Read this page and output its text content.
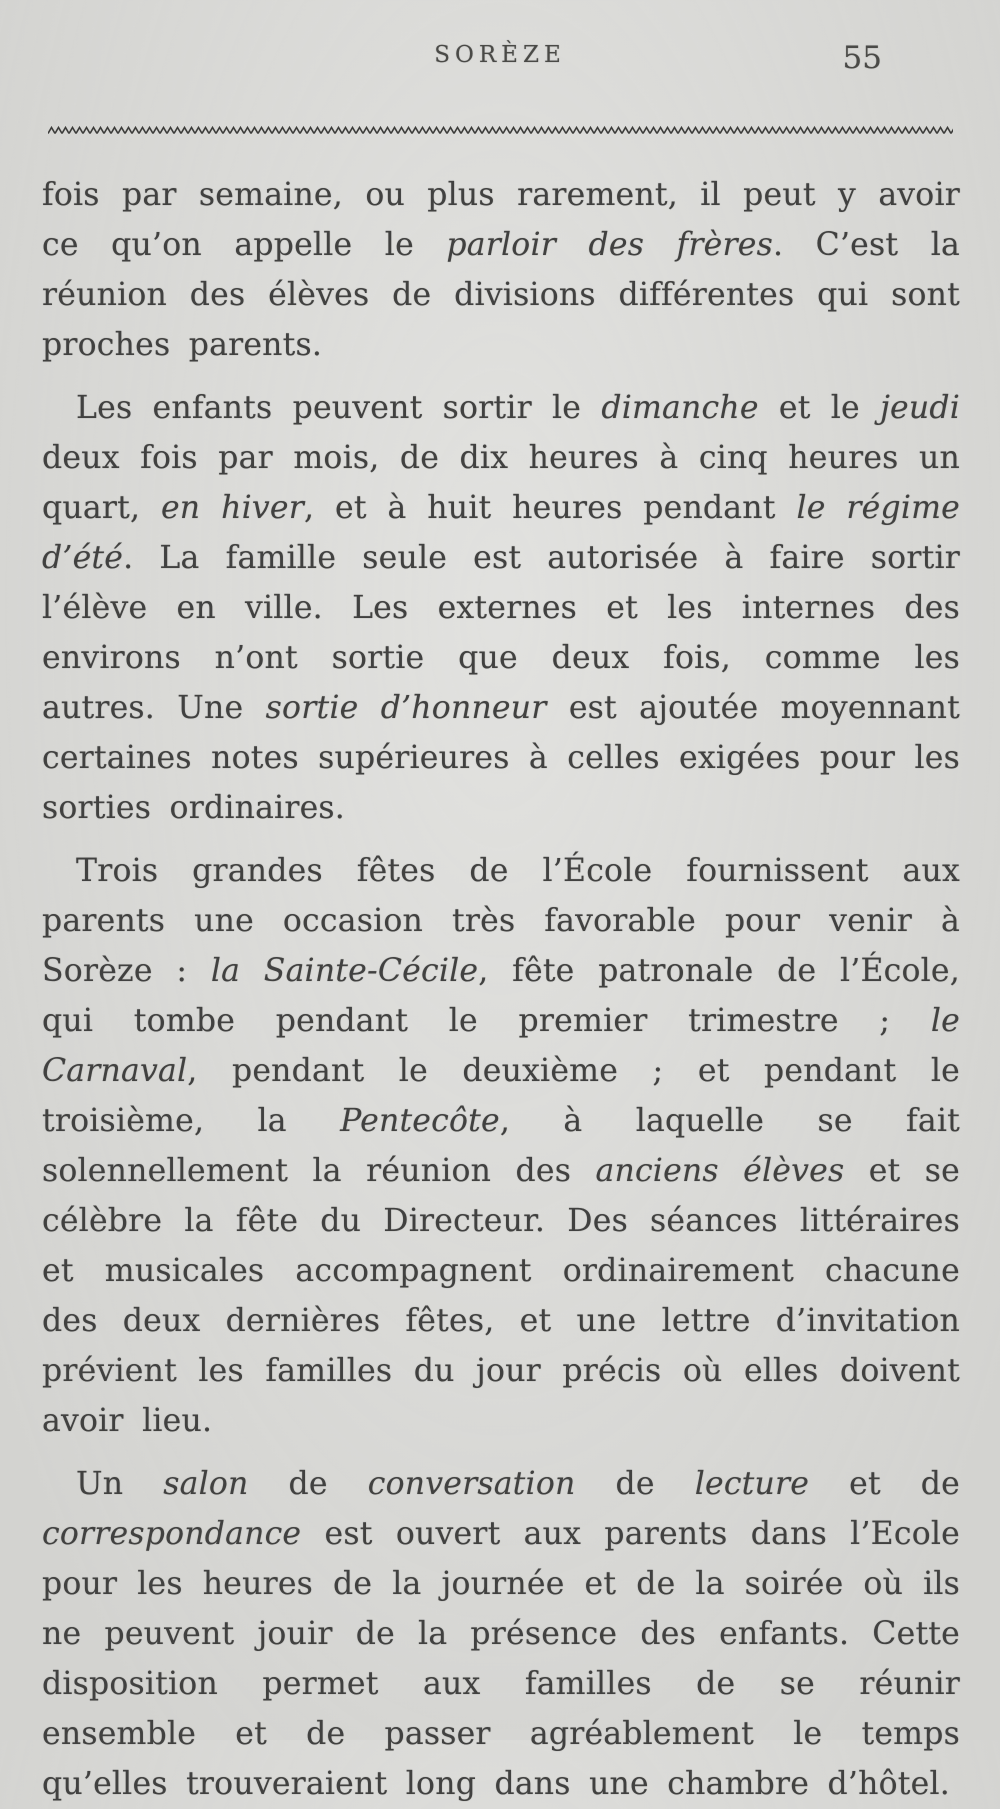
SORÈZE	55

fois par semaine, ou plus rarement, il peut y avoir ce qu’on appelle le parloir des frères. C’est la réunion des élèves de divisions différentes qui sont proches parents.

Les enfants peuvent sortir le dimanche et le jeudi deux fois par mois, de dix heures à cinq heures un quart, en hiver, et à huit heures pendant le régime d’été. La famille seule est autorisée à faire sortir l’élève en ville. Les externes et les internes des environs n’ont sortie que deux fois, comme les autres. Une sortie d’honneur est ajoutée moyennant certaines notes supérieures à celles exigées pour les sorties ordinaires.

Trois grandes fêtes de l’École fournissent aux parents une occasion très favorable pour venir à Sorèze : la Sainte-Cécile, fête patronale de l’École, qui tombe pendant le premier trimestre ; le Carnaval, pendant le deuxième ; et pendant le troisième, la Pentecôte, à laquelle se fait solennellement la réunion des anciens élèves et se célèbre la fête du Directeur. Des séances littéraires et musicales accompagnent ordinairement chacune des deux dernières fêtes, et une lettre d’invitation prévient les familles du jour précis où elles doivent avoir lieu.

Un salon de conversation de lecture et de correspondance est ouvert aux parents dans l’Ecole pour les heures de la journée et de la soirée où ils ne peuvent jouir de la présence des enfants. Cette disposition permet aux familles de se réunir ensemble et de passer agréablement le temps qu’elles trouveraient long dans une chambre d’hôtel.
